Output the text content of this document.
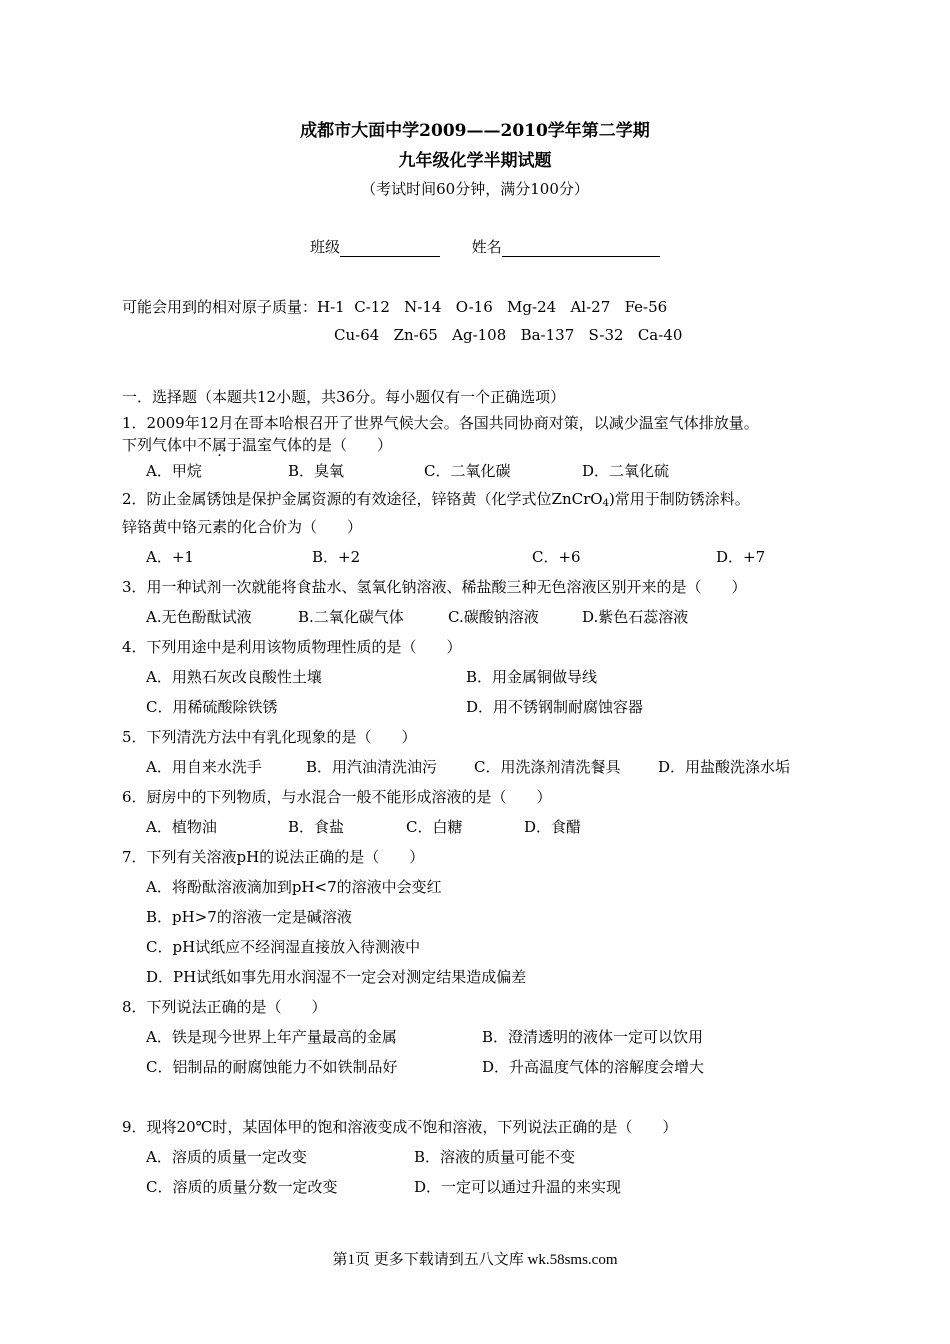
成都市大面中学2009——2010学年第二学期
九年级化学半期试题
（考试时间60分钟，满分100分）
班级	姓名
可能会用到的相对原子质量：H-1  C-12   N-14   O-16   Mg-24   Al-27   Fe-56
Cu-64   Zn-65   Ag-108   Ba-137   S-32   Ca-40
一．选择题（本题共12小题，共36分。每小题仅有一个正确选项）
1．2009年12月在哥本哈根召开了世界气候大会。各国共同协商对策，以减少温室气体排放量。
下列气体中不属于温室气体的是（　　）
A．甲烷	B．臭氧	C．二氧化碳	D．二氧化硫
2．防止金属锈蚀是保护金属资源的有效途径，锌铬黄（化学式位ZnCrO$_4$)常用于制防锈涂料。
锌铬黄中铬元素的化合价为（　　）
A．+1	B．+2	C．+6	D．+7
3．用一种试剂一次就能将食盐水、氢氧化钠溶液、稀盐酸三种无色溶液区别开来的是（　　）
A.无色酚酞试液	B.二氧化碳气体	C.碳酸钠溶液	D.紫色石蕊溶液
4．下列用途中是利用该物质物理性质的是（　　）
A．用熟石灰改良酸性土壤	B．用金属铜做导线
C．用稀硫酸除铁锈	D．用不锈钢制耐腐蚀容器
5．下列清洗方法中有乳化现象的是（　　）
A．用自来水洗手	B．用汽油清洗油污 C．用洗涤剂清洗餐具	D．用盐酸洗涤水垢
6．厨房中的下列物质，与水混合一般不能形成溶液的是（　　）
A．植物油	B．食盐	C．白糖	D．食醋
7．下列有关溶液pH的说法正确的是（　　）
A．将酚酞溶液滴加到pH<7的溶液中会变红
B．pH>7的溶液一定是碱溶液
C．pH试纸应不经润湿直接放入待测液中
D．PH试纸如事先用水润湿不一定会对测定结果造成偏差
8．下列说法正确的是（　　）
A．铁是现今世界上年产量最高的金属	B．澄清透明的液体一定可以饮用
C．铝制品的耐腐蚀能力不如铁制品好	D．升高温度气体的溶解度会增大
9．现将20℃时，某固体甲的饱和溶液变成不饱和溶液，下列说法正确的是（　　）
A．溶质的质量一定改变	B．溶液的质量可能不变
C．溶质的质量分数一定改变	D．一定可以通过升温的来实现
第1页 更多下载请到五八文库 wk.58sms.com
